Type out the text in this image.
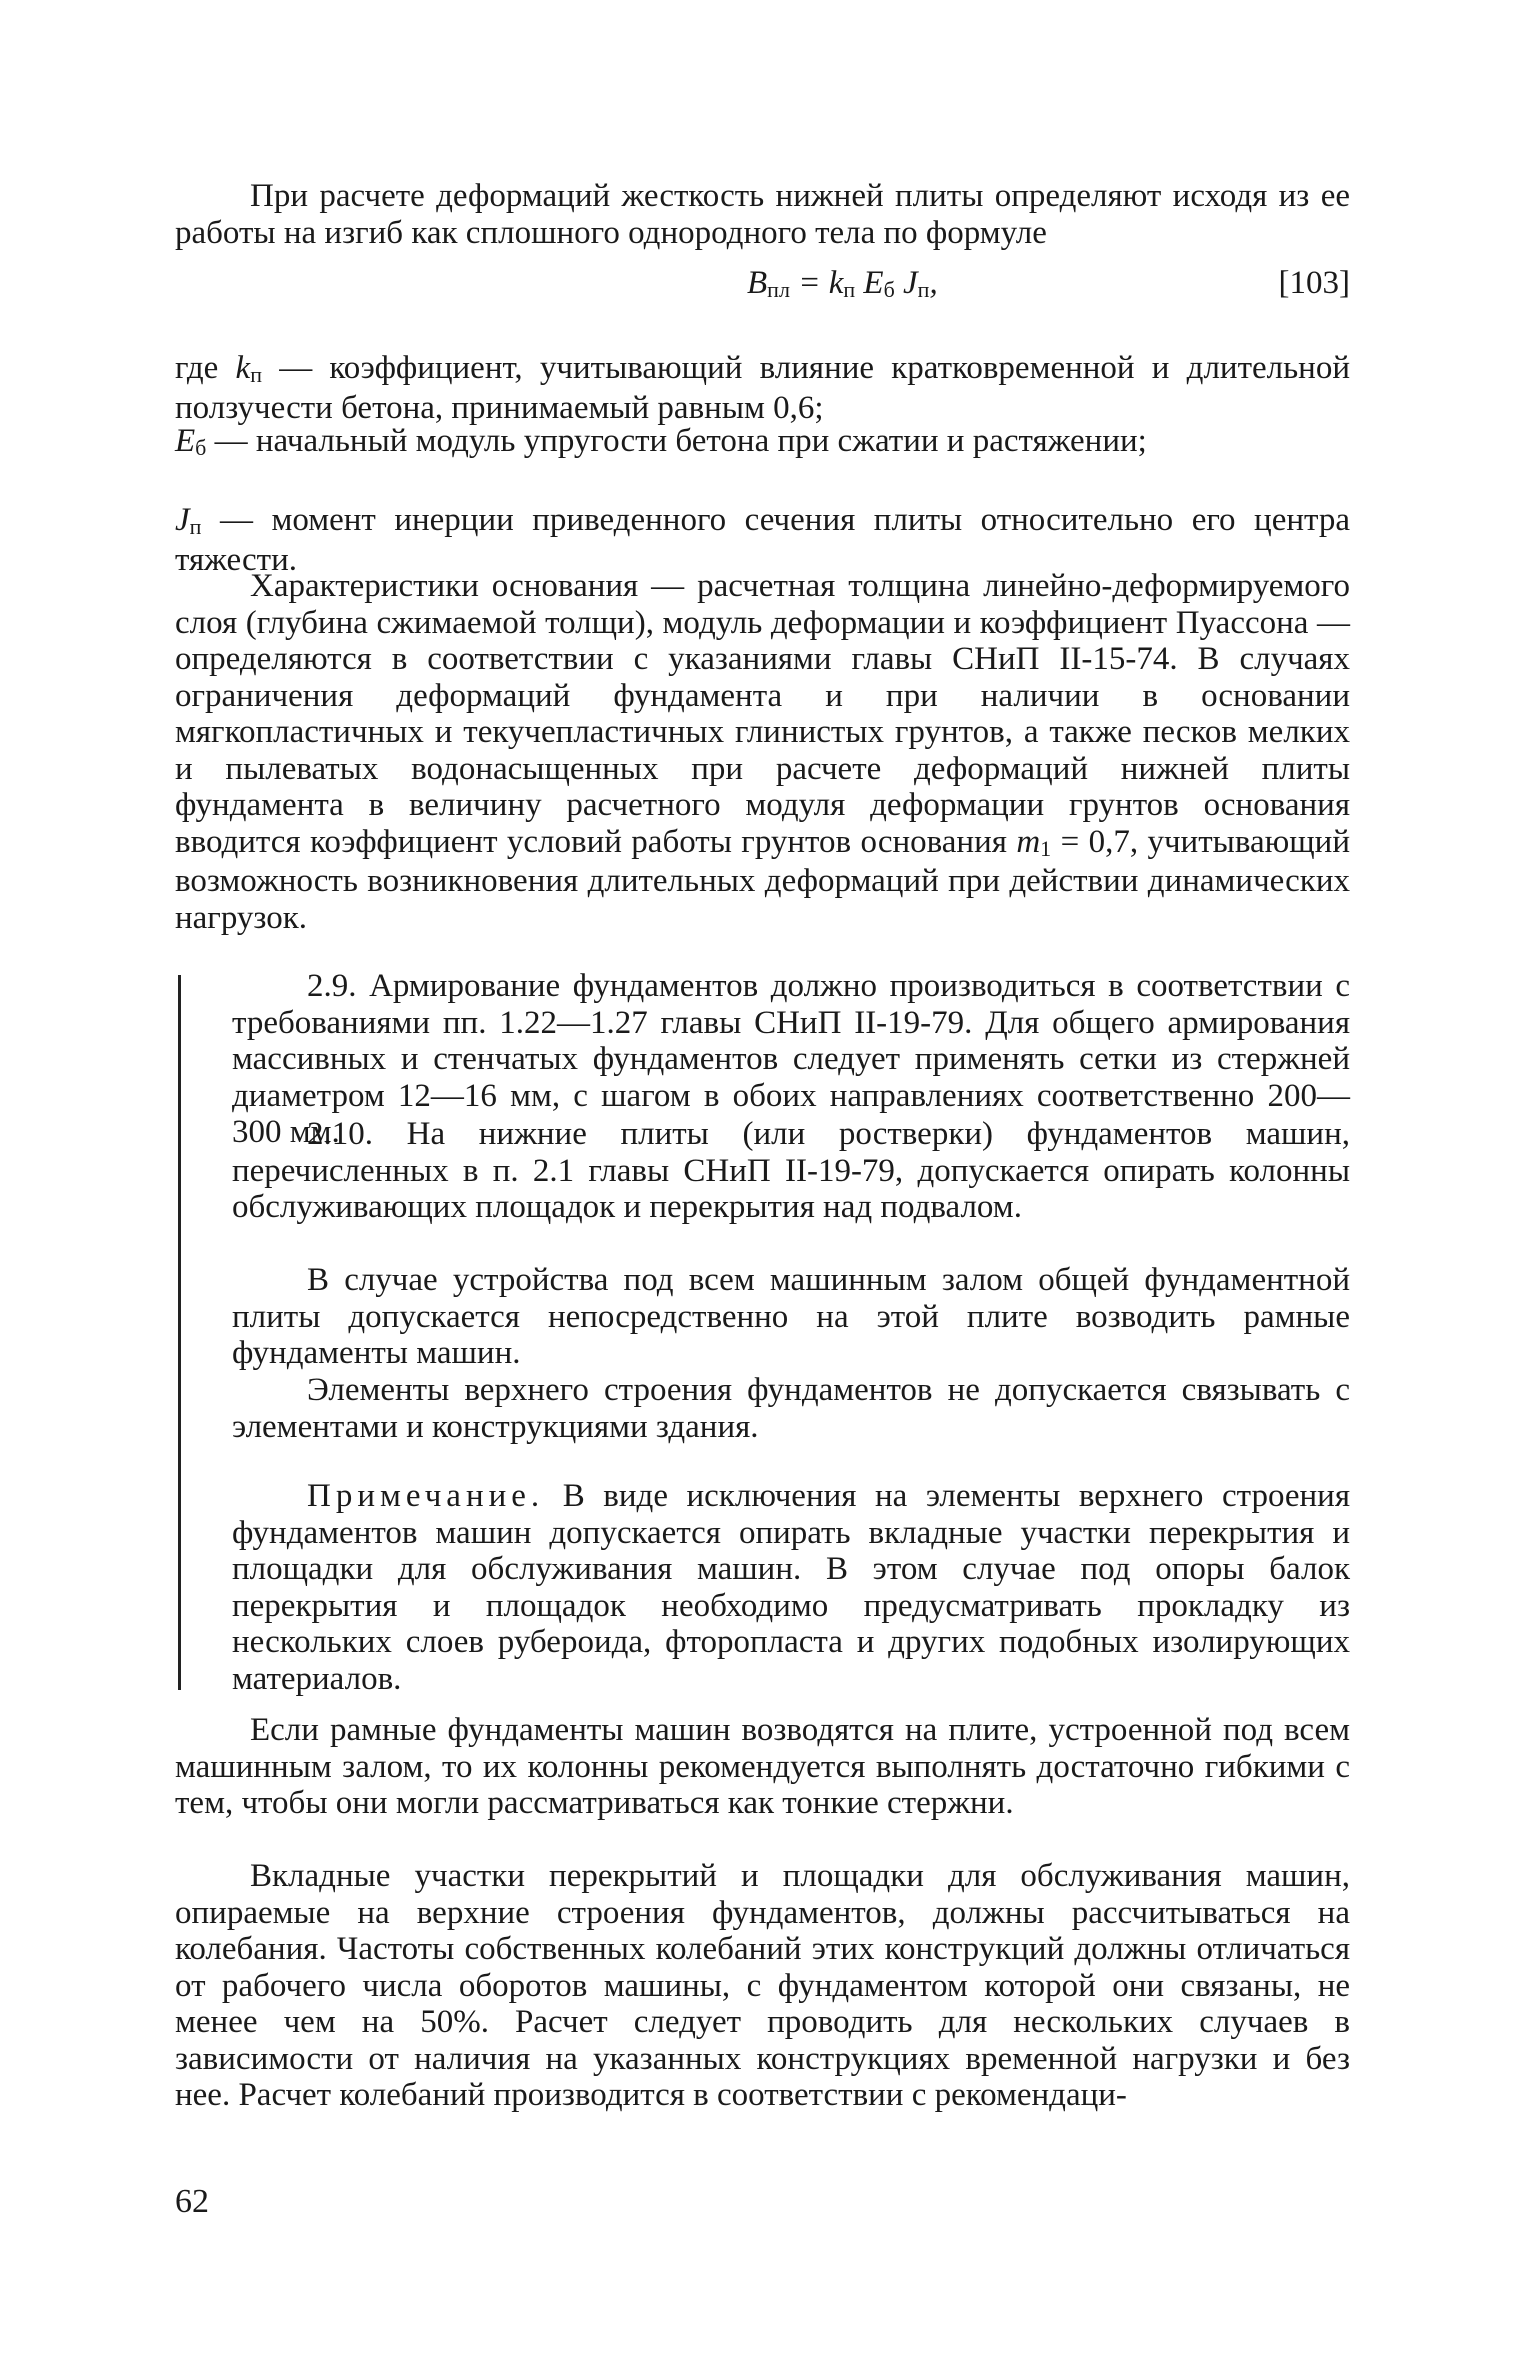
При расчете деформаций жесткость нижней плиты определяют исходя из ее работы на изгиб как сплошного однородного тела по формуле

Bпл = kп Eб Jп,	[103]

где kп — коэффициент, учитывающий влияние кратковременной и длительной ползучести бетона, принимаемый равным 0,6;

Eб — начальный модуль упругости бетона при сжатии и растяжении;

Jп — момент инерции приведенного сечения плиты относительно его центра тяжести.

Характеристики основания — расчетная толщина линейно-деформируемого слоя (глубина сжимаемой толщи), модуль деформации и коэффициент Пуассона — определяются в соответствии с указаниями главы СНиП II-15-74. В случаях ограничения деформаций фундамента и при наличии в основании мягкопластичных и текучепластичных глинистых грунтов, а также песков мелких и пылеватых водонасыщенных при расчете деформаций нижней плиты фундамента в величину расчетного модуля деформации грунтов основания вводится коэффициент условий работы грунтов основания m1 = 0,7, учитывающий возможность возникновения длительных деформаций при действии динамических нагрузок.

2.9. Армирование фундаментов должно производиться в соответствии с требованиями пп. 1.22—1.27 главы СНиП II-19-79. Для общего армирования массивных и стенчатых фундаментов следует применять сетки из стержней диаметром 12—16 мм, с шагом в обоих направлениях соответственно 200—300 мм.

2.10. На нижние плиты (или ростверки) фундаментов машин, перечисленных в п. 2.1 главы СНиП II-19-79, допускается опирать колонны обслуживающих площадок и перекрытия над подвалом.

В случае устройства под всем машинным залом общей фундаментной плиты допускается непосредственно на этой плите возводить рамные фундаменты машин.

Элементы верхнего строения фундаментов не допускается связывать с элементами и конструкциями здания.

Примечание. В виде исключения на элементы верхнего строения фундаментов машин допускается опирать вкладные участки перекрытия и площадки для обслуживания машин. В этом случае под опоры балок перекрытия и площадок необходимо предусматривать прокладку из нескольких слоев рубероида, фторопласта и других подобных изолирующих материалов.

Если рамные фундаменты машин возводятся на плите, устроенной под всем машинным залом, то их колонны рекомендуется выполнять достаточно гибкими с тем, чтобы они могли рассматриваться как тонкие стержни.

Вкладные участки перекрытий и площадки для обслуживания машин, опираемые на верхние строения фундаментов, должны рассчитываться на колебания. Частоты собственных колебаний этих конструкций должны отличаться от рабочего числа оборотов машины, с фундаментом которой они связаны, не менее чем на 50%. Расчет следует проводить для нескольких случаев в зависимости от наличия на указанных конструкциях временной нагрузки и без нее. Расчет колебаний производится в соответствии с рекомендаци-

62
